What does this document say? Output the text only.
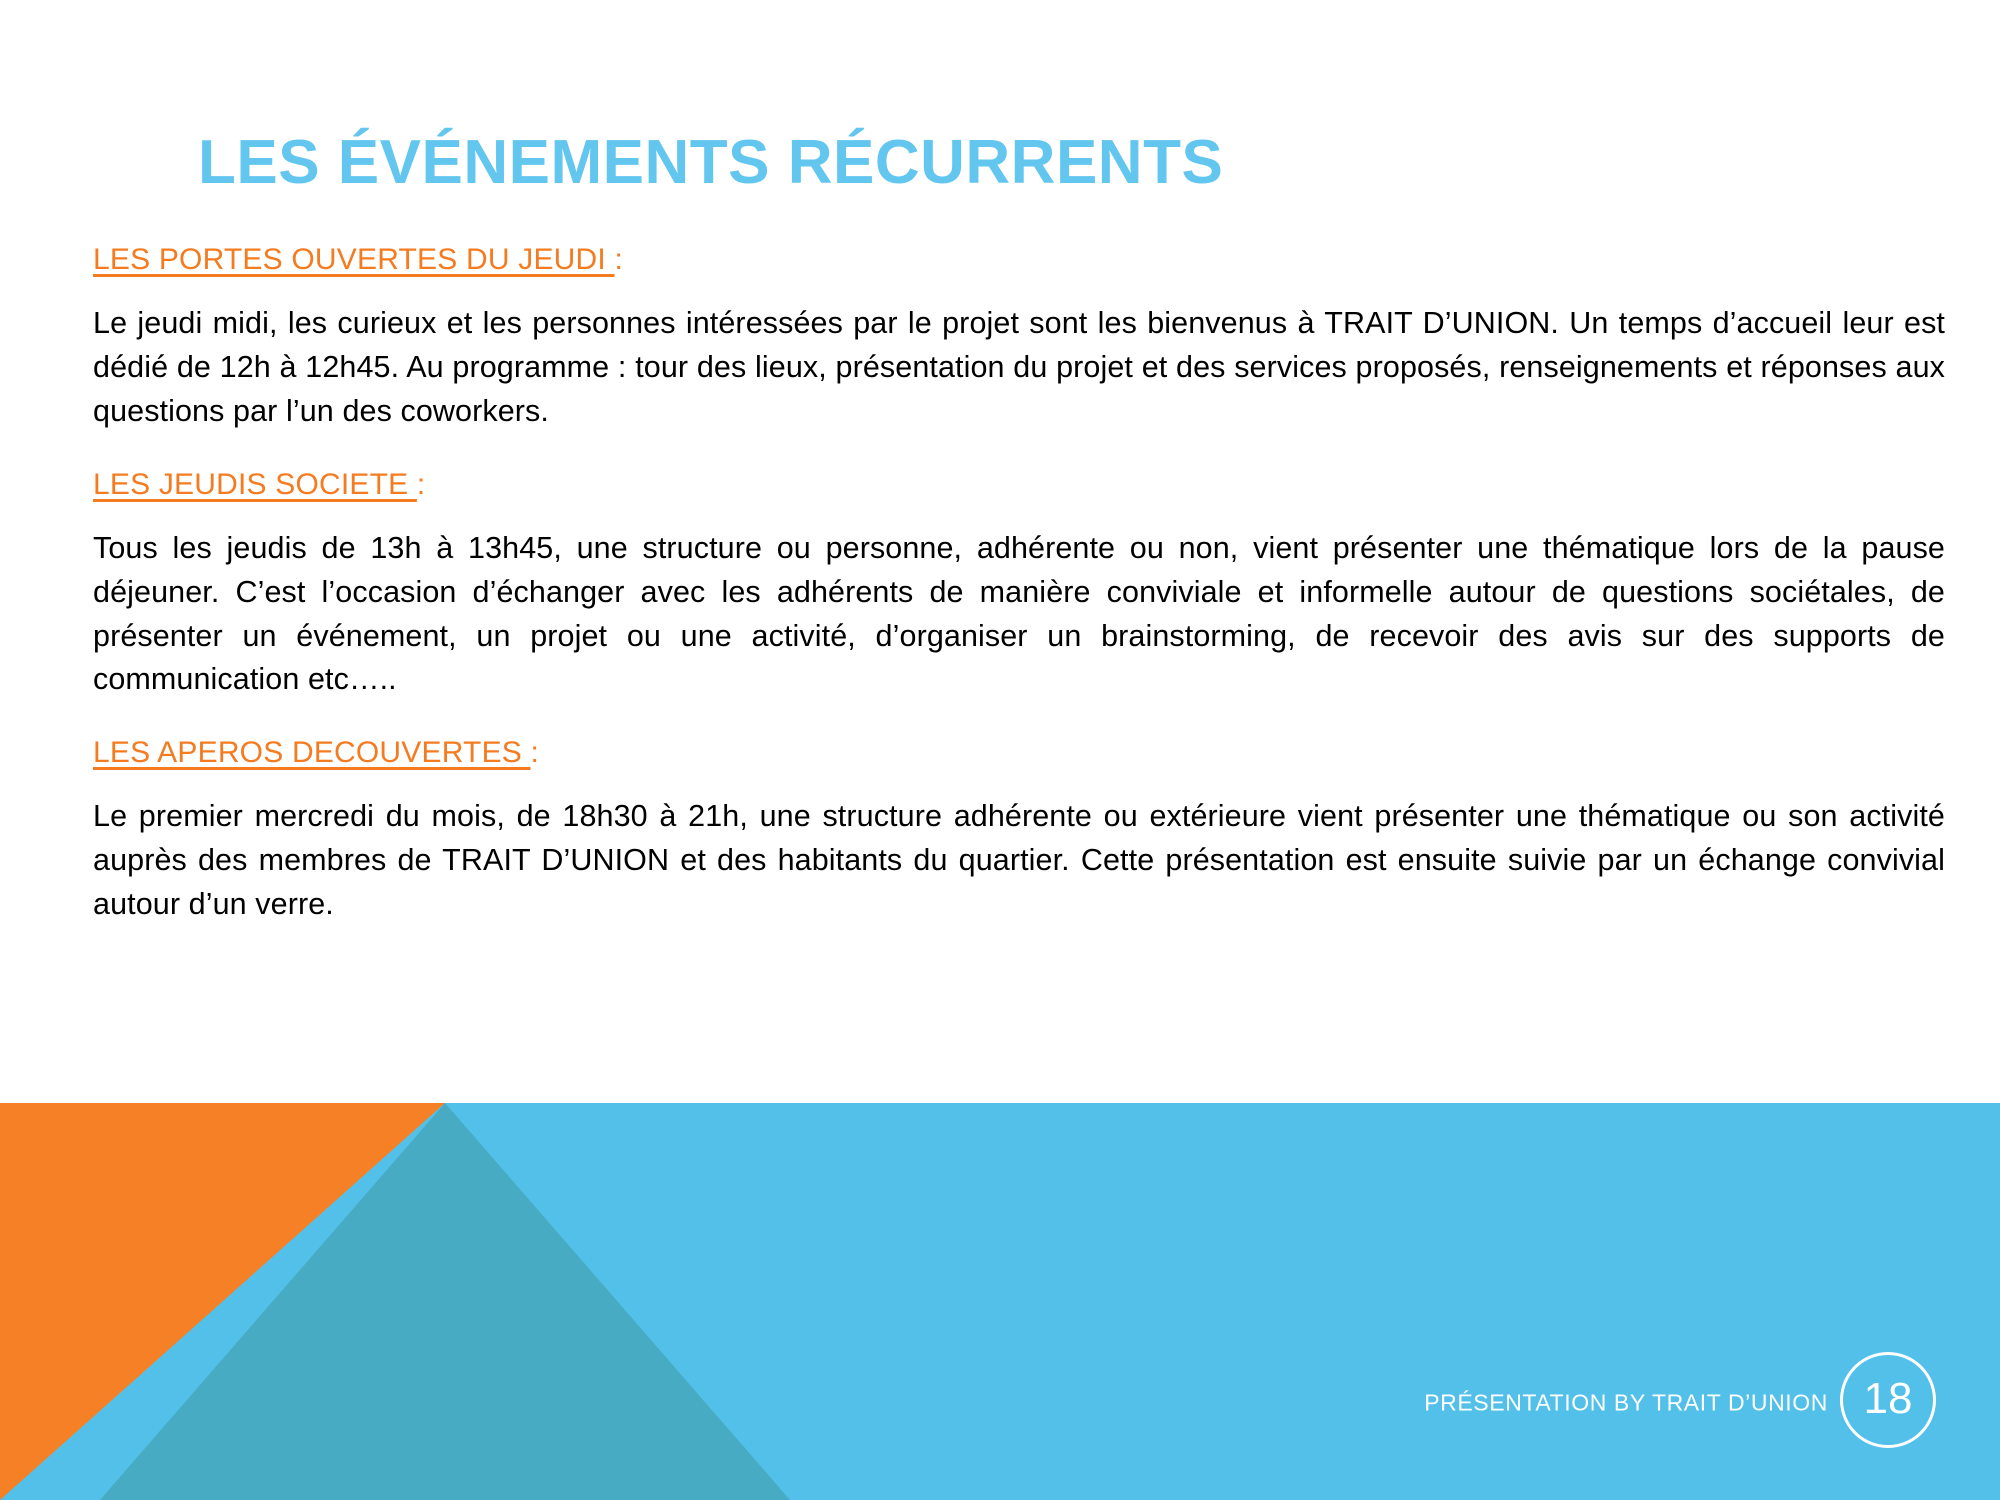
LES ÉVÉNEMENTS RÉCURRENTS

LES PORTES OUVERTES DU JEUDI :

Le jeudi midi, les curieux et les personnes intéressées par le projet sont les bienvenus à TRAIT D’UNION. Un temps d’accueil leur est dédié de 12h à 12h45. Au programme : tour des lieux, présentation du projet et des services proposés, renseignements et réponses aux questions par l’un des coworkers.

LES JEUDIS SOCIETE :

Tous les jeudis de 13h à 13h45, une structure ou personne, adhérente ou non, vient présenter une thématique lors de la pause déjeuner. C’est l’occasion d’échanger avec les adhérents de manière conviviale et informelle autour de questions sociétales, de présenter un événement, un projet ou une activité, d’organiser un brainstorming, de recevoir des avis sur des supports de communication etc…..

LES APEROS DECOUVERTES :

Le premier mercredi du mois, de 18h30 à 21h, une structure adhérente ou extérieure vient présenter une thématique ou son activité auprès des membres de TRAIT D’UNION et des habitants du quartier. Cette présentation est ensuite suivie par un échange convivial autour d’un verre.

PRÉSENTATION BY TRAIT D’UNION 18
